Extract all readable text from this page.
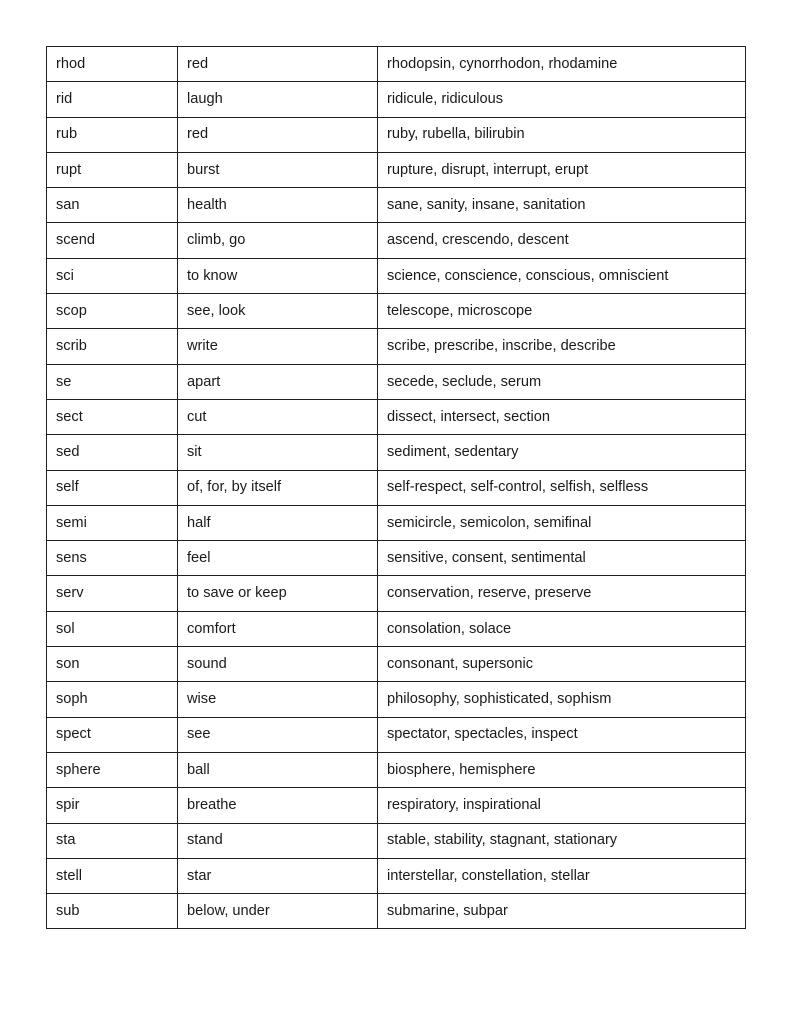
rhod	red	rhodopsin, cynorrhodon, rhodamine
rid	laugh	ridicule, ridiculous
rub	red	ruby, rubella, bilirubin
rupt	burst	rupture, disrupt, interrupt, erupt
san	health	sane, sanity, insane, sanitation
scend	climb, go	ascend, crescendo, descent
sci	to know	science, conscience, conscious, omniscient
scop	see, look	telescope, microscope
scrib	write	scribe, prescribe, inscribe, describe
se	apart	secede, seclude, serum
sect	cut	dissect, intersect, section
sed	sit	sediment, sedentary
self	of, for, by itself	self-respect, self-control, selfish, selfless
semi	half	semicircle, semicolon, semifinal
sens	feel	sensitive, consent, sentimental
serv	to save or keep	conservation, reserve, preserve
sol	comfort	consolation, solace
son	sound	consonant, supersonic
soph	wise	philosophy, sophisticated, sophism
spect	see	spectator, spectacles, inspect
sphere	ball	biosphere, hemisphere
spir	breathe	respiratory, inspirational
sta	stand	stable, stability, stagnant, stationary
stell	star	interstellar, constellation, stellar
sub	below, under	submarine, subpar
